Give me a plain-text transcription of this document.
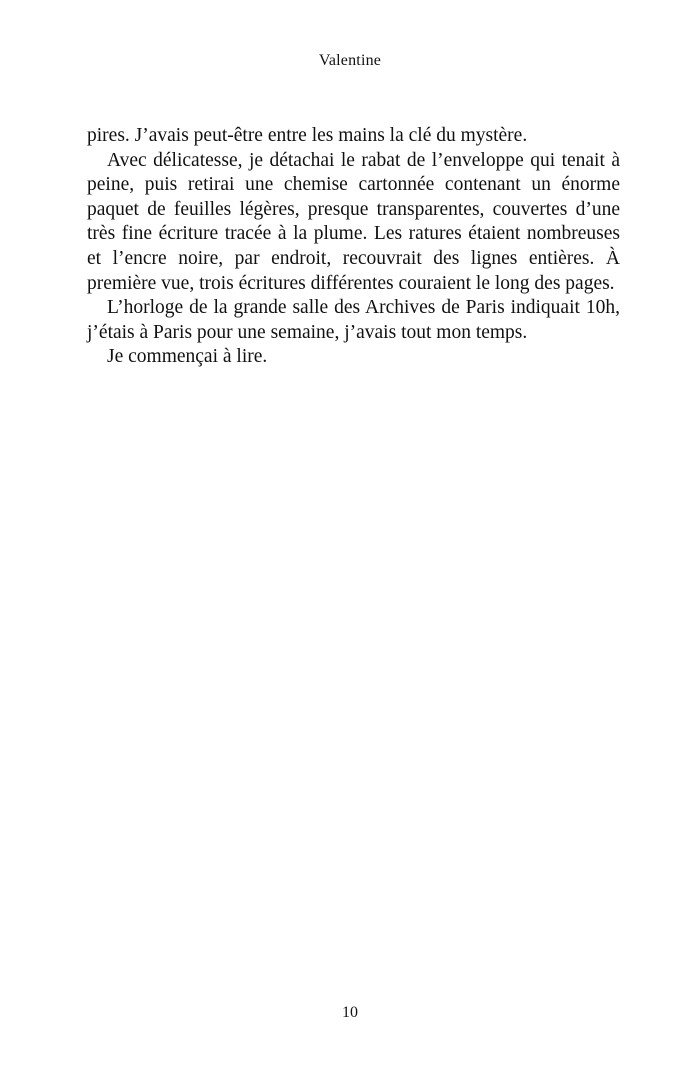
Valentine

pires. J’avais peut-être entre les mains la clé du mystère.

Avec délicatesse, je détachai le rabat de l’enveloppe qui tenait à peine, puis retirai une chemise cartonnée contenant un énorme paquet de feuilles légères, presque transparentes, couvertes d’une très fine écriture tracée à la plume. Les ratures étaient nombreuses et l’encre noire, par endroit, recouvrait des lignes entières. À première vue, trois écritures différentes couraient le long des pages.

L’horloge de la grande salle des Archives de Paris indiquait 10h, j’étais à Paris pour une semaine, j’avais tout mon temps.

Je commençai à lire.

10
